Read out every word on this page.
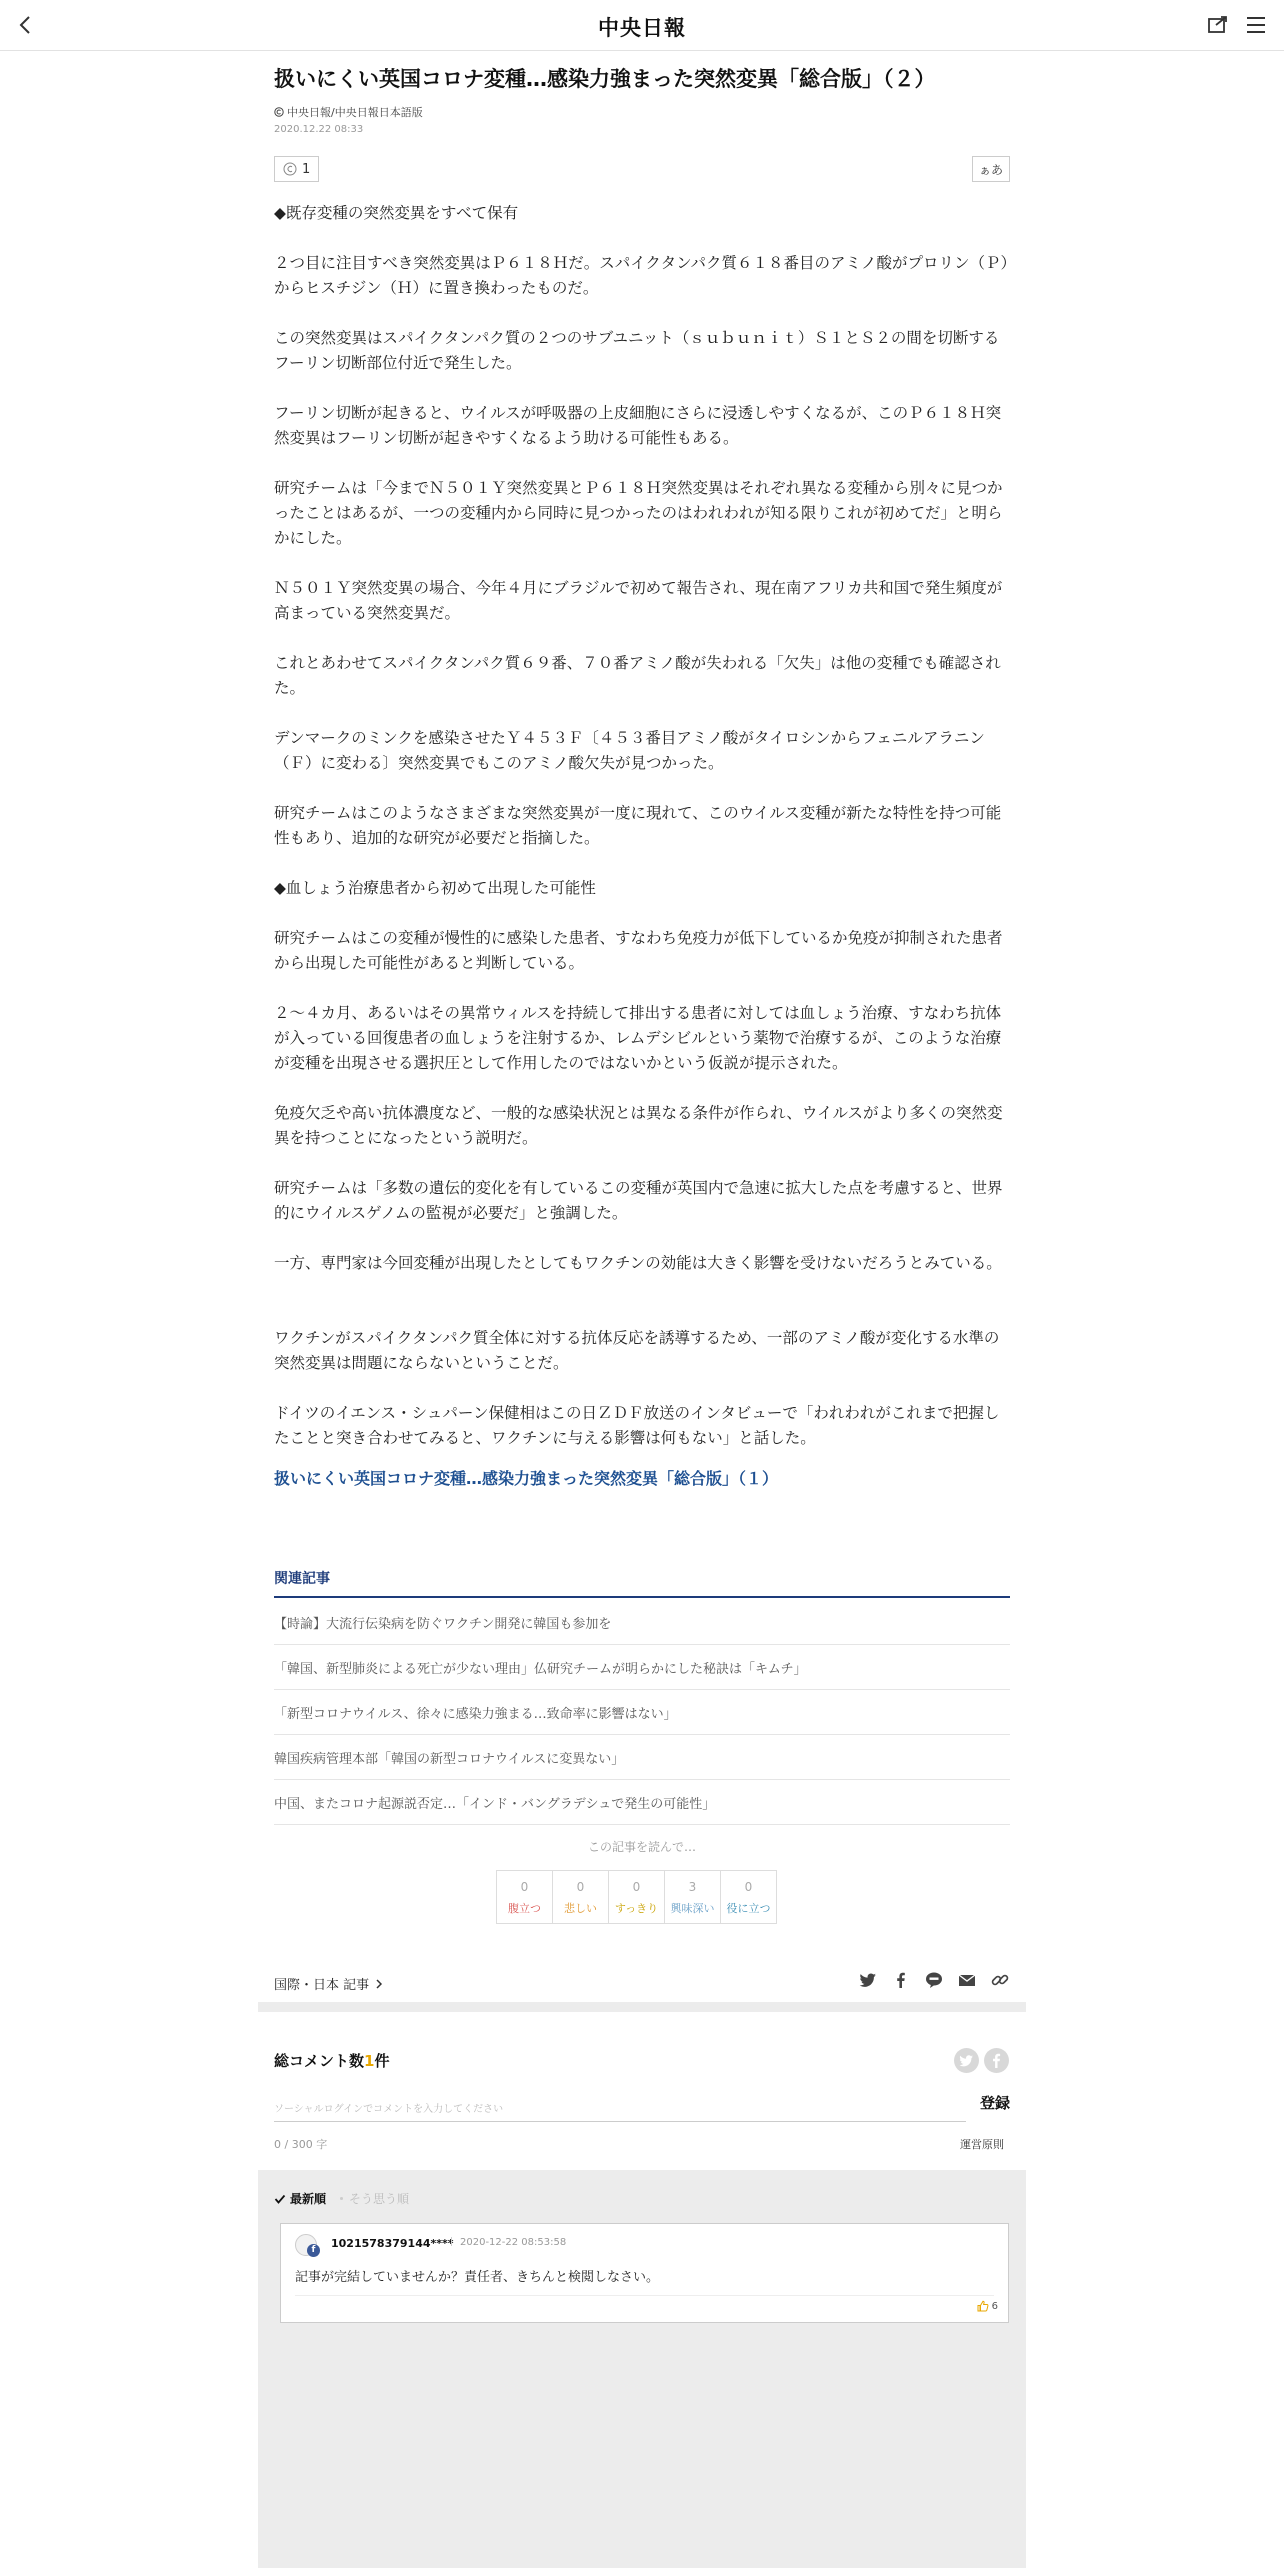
中央日報
扱いにくい英国コロナ変種…感染力強まった突然変異「総合版」（２）
中央日報/中央日報日本語版
2020.12.22 08:33
1	ぁあ

◆既存変種の突然変異をすべて保有

２つ目に注目すべき突然変異はＰ６１８Ｈだ。スパイクタンパク質６１８番目のアミノ酸がプロリン（Ｐ）からヒスチジン（Ｈ）に置き換わったものだ。

この突然変異はスパイクタンパク質の２つのサブユニット（ｓｕｂｕｎｉｔ）Ｓ１とＳ２の間を切断するフーリン切断部位付近で発生した。

フーリン切断が起きると、ウイルスが呼吸器の上皮細胞にさらに浸透しやすくなるが、このＰ６１８Ｈ突然変異はフーリン切断が起きやすくなるよう助ける可能性もある。

研究チームは「今までＮ５０１Ｙ突然変異とＰ６１８Ｈ突然変異はそれぞれ異なる変種から別々に見つかったことはあるが、一つの変種内から同時に見つかったのはわれわれが知る限りこれが初めてだ」と明らかにした。

Ｎ５０１Ｙ突然変異の場合、今年４月にブラジルで初めて報告され、現在南アフリカ共和国で発生頻度が高まっている突然変異だ。

これとあわせてスパイクタンパク質６９番、７０番アミノ酸が失われる「欠失」は他の変種でも確認された。

デンマークのミンクを感染させたＹ４５３Ｆ〔４５３番目アミノ酸がタイロシンからフェニルアラニン（Ｆ）に変わる〕突然変異でもこのアミノ酸欠失が見つかった。

研究チームはこのようなさまざまな突然変異が一度に現れて、このウイルス変種が新たな特性を持つ可能性もあり、追加的な研究が必要だと指摘した。

◆血しょう治療患者から初めて出現した可能性

研究チームはこの変種が慢性的に感染した患者、すなわち免疫力が低下しているか免疫が抑制された患者から出現した可能性があると判断している。

２～４カ月、あるいはその異常ウィルスを持続して排出する患者に対しては血しょう治療、すなわち抗体が入っている回復患者の血しょうを注射するか、レムデシビルという薬物で治療するが、このような治療が変種を出現させる選択圧として作用したのではないかという仮説が提示された。

免疫欠乏や高い抗体濃度など、一般的な感染状況とは異なる条件が作られ、ウイルスがより多くの突然変異を持つことになったという説明だ。

研究チームは「多数の遺伝的変化を有しているこの変種が英国内で急速に拡大した点を考慮すると、世界的にウイルスゲノムの監視が必要だ」と強調した。

一方、専門家は今回変種が出現したとしてもワクチンの効能は大きく影響を受けないだろうとみている。

ワクチンがスパイクタンパク質全体に対する抗体反応を誘導するため、一部のアミノ酸が変化する水準の突然変異は問題にならないということだ。

ドイツのイエンス・シュパーン保健相はこの日ＺＤＦ放送のインタビューで「われわれがこれまで把握したことと突き合わせてみると、ワクチンに与える影響は何もない」と話した。

扱いにくい英国コロナ変種…感染力強まった突然変異「総合版」（１）
関連記事
【時論】大流行伝染病を防ぐワクチン開発に韓国も参加を
「韓国、新型肺炎による死亡が少ない理由」仏研究チームが明らかにした秘訣は「キムチ」
「新型コロナウイルス、徐々に感染力強まる…致命率に影響はない」
韓国疾病管理本部「韓国の新型コロナウイルスに変異ない」
中国、またコロナ起源説否定…「インド・バングラデシュで発生の可能性」
この記事を読んで…
0
腹立つ
0
悲しい
0
すっきり
3
興味深い
0
役に立つ
国際・日本 記事
総コメント数1件
ソーシャルログインでコメントを入力してください	登録
0 / 300 字	運営原則
最新順 そう思う順
f	1021578379144**** 2020-12-22 08:53:58
記事が完結していませんか？責任者、きちんと検閲しなさい。
6
